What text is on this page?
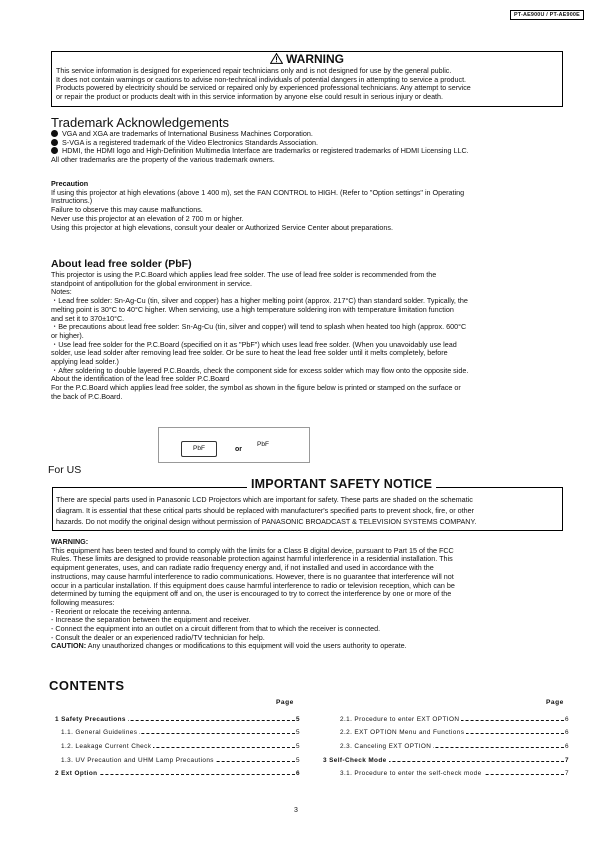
PT-AE900U / PT-AE900E
WARNING
This service information is designed for experienced repair technicians only and is not designed for use by the general public.
It does not contain warnings or cautions to advise non-technical individuals of potential dangers in attempting to service a product.
Products powered by electricity should be serviced or repaired only by experienced professional technicians. Any attempt to service
or repair the product or products dealt with in this service information by anyone else could result in serious injury or death.
Trademark Acknowledgements
VGA and XGA are trademarks of International Business Machines Corporation.
S-VGA is a registered trademark of the Video Electronics Standards Association.
HDMI, the HDMI logo and High-Definition Multimedia Interface are trademarks or registered trademarks of HDMI Licensing LLC.
All other trademarks are the property of the various trademark owners.
Precaution
If using this projector at high elevations (above 1 400 m), set the FAN CONTROL to HIGH. (Refer to "Option settings" in Operating
Instructions.)
Failure to observe this may cause malfunctions.
Never use this projector at an elevation of 2 700 m or higher.
Using this projector at high elevations, consult your dealer or Authorized Service Center about preparations.
About lead free solder (PbF)
This projector is using the P.C.Board which applies lead free solder. The use of lead free solder is recommended from the
standpoint of antipollution for the global environment in service.
Notes:
・Lead free solder: Sn-Ag-Cu (tin, silver and copper) has a higher melting point (approx. 217°C) than standard solder. Typically, the
melting point is 30°C to 40°C higher. When servicing, use a high temperature soldering iron with temperature limitation function
and set it to 370±10°C.
・Be precautions about lead free solder: Sn-Ag-Cu (tin, silver and copper) will tend to splash when heated too high (approx. 600°C
or higher).
・Use lead free solder for the P.C.Board (specified on it as "PbF") which uses lead free solder. (When you unavoidably use lead
solder, use lead solder after removing lead free solder. Or be sure to heat the lead free solder until it melts completely, before
applying lead solder.)
・After soldering to double layered P.C.Boards, check the component side for excess solder which may flow onto the opposite side.
About the identification of the lead free solder P.C.Board
For the P.C.Board which applies lead free solder, the symbol as shown in the figure below is printed or stamped on the surface or
the back of P.C.Board.
PbF	or
PbF
For US
There are special parts used in Panasonic LCD Projectors which are important for safety. These parts are shaded on the schematic
diagram. It is essential that these critical parts should be replaced with manufacturer's specified parts to prevent shock, fire, or other
hazards. Do not modify the original design without permission of PANASONIC BROADCAST & TELEVISION SYSTEMS COMPANY.
IMPORTANT SAFETY NOTICE
WARNING:
This equipment has been tested and found to comply with the limits for a Class B digital device, pursuant to Part 15 of the FCC
Rules. These limits are designed to provide reasonable protection against harmful interference in a residential installation. This
equipment generates, uses, and can radiate radio frequency energy and, if not installed and used in accordance with the
instructions, may cause harmful interference to radio communications. However, there is no guarantee that interference will not
occur in a particular installation. If this equipment does cause harmful interference to radio or television reception, which can be
determined by turning the equipment off and on, the user is encouraged to try to correct the interference by one or more of the
following measures:
- Reorient or relocate the receiving antenna.
- Increase the separation between the equipment and receiver.
- Connect the equipment into an outlet on a circuit different from that to which the receiver is connected.
- Consult the dealer or an experienced radio/TV technician for help.
CAUTION: Any unauthorized changes or modifications to this equipment will void the users authority to operate.
CONTENTS
Page	Page
1 Safety Precautions	5
1.1. General Guidelines	5
1.2. Leakage Current Check	5
1.3. UV Precaution and UHM Lamp Precautions	5
2 Ext Option	6
2.1. Procedure to enter EXT OPTION	6
2.2. EXT OPTION Menu and Functions	6
2.3. Canceling EXT OPTION	6
3 Self-Check Mode	7
3.1. Procedure to enter the self-check mode	7
3
